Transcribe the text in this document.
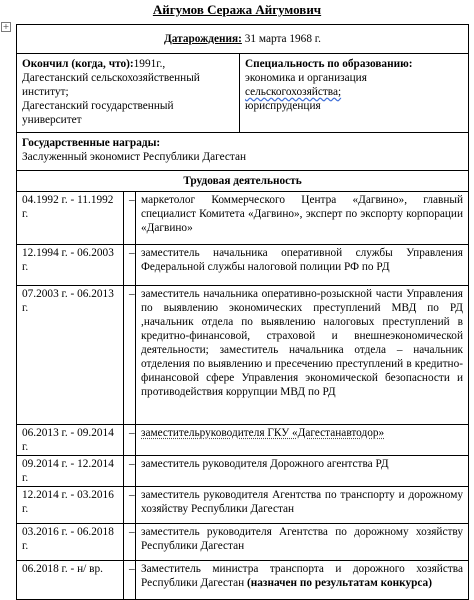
Айгумов Сеража Айгумович
+
Датарождения: 31 марта 1968 г.

Окончил (когда, что):1991г.,
Дагестанский сельскохозяйственный институт;
Дагестанский государственный университет	Специальность по образованию:
экономика и организация
сельскогохозяйства;
юриспруденция

Государственные награды:
Заслуженный экономист Республики Дагестан

Трудовая деятельность
04.1992 г. - 11.1992 г.	–	маркетолог Коммерческого Центра «Дагвино», главный специалист Комитета «Дагвино», эксперт по экспорту корпорации «Дагвино»
12.1994 г. - 06.2003 г.	–	заместитель начальника оперативной службы Управления Федеральной службы налоговой полиции РФ по РД
07.2003 г. - 06.2013 г.	–	заместитель начальника оперативно-розыскной части Управления по выявлению экономических преступлений МВД по РД ,начальник отдела по выявлению налоговых преступлений в кредитно-финансовой, страховой и внешнеэкономической деятельности; заместитель начальника отдела – начальник отделения по выявлению и пресечению преступлений в кредитно-финансовой сфере Управления экономической безопасности и противодействия коррупции МВД по РД
06.2013 г. - 09.2014 г.	–	заместительруководителя ГКУ «Дагестанавтодор»
09.2014 г. - 12.2014 г.	–	заместитель руководителя Дорожного агентства РД
12.2014 г. - 03.2016 г.	–	заместитель руководителя Агентства по транспорту и дорожному хозяйству Республики Дагестан
03.2016 г. - 06.2018 г.	–	заместитель руководителя Агентства по дорожному хозяйству Республики Дагестан
06.2018 г. - н/ вр.	–	Заместитель министра транспорта и дорожного хозяйства Республики Дагестан (назначен по результатам конкурса)
